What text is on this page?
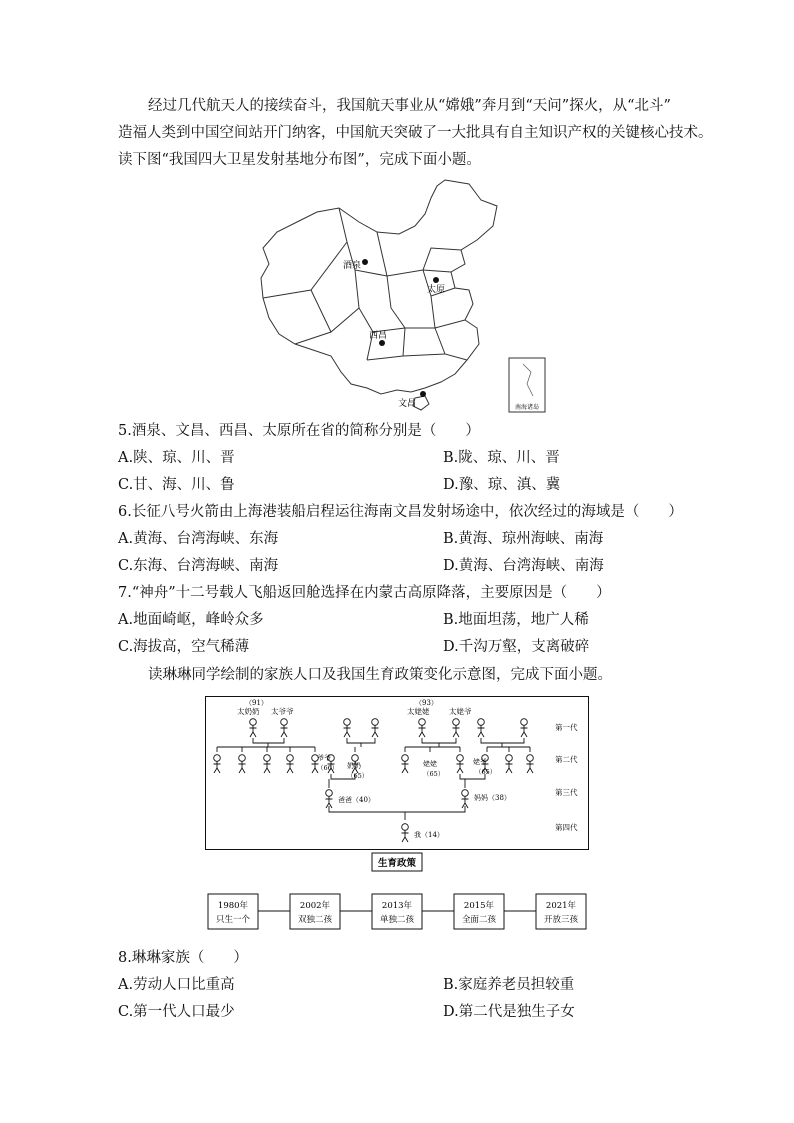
经过几代航天人的接续奋斗，我国航天事业从“嫦娥”奔月到“天问”探火，从“北斗”
造福人类到中国空间站开门纳客，中国航天突破了一大批具有自主知识产权的关键核心技术。
读下图“我国四大卫星发射基地分布图”，完成下面小题。
南海诸岛
酒泉
太原
西昌
文昌
5.酒泉、文昌、西昌、太原所在省的简称分别是（　　）
A.陕、琼、川、晋	B.陇、琼、川、晋
C.甘、海、川、鲁	D.豫、琼、滇、冀
6.长征八号火箭由上海港装船启程运往海南文昌发射场途中，依次经过的海域是（　　）
A.黄海、台湾海峡、东海	B.黄海、琼州海峡、南海
C.东海、台湾海峡、南海	D.黄海、台湾海峡、南海
7.“神舟”十二号载人飞船返回舱选择在内蒙古高原降落，主要原因是（　　）
A.地面崎岖，峰岭众多	B.地面坦荡，地广人稀
C.海拔高，空气稀薄	D.千沟万壑，支离破碎
读琳琳同学绘制的家族人口及我国生育政策变化示意图，完成下面小题。
第一代
第二代
第三代
第四代
（91）
太奶奶 太爷爷
（93）
太姥姥	太姥爷
爷爷
（66） 奶奶
（65）
姥姥
（65）
姥爷
（65）
爸爸（40）	妈妈（38）
我（14）
生育政策
1980年
只生一个
2002年
双独二孩
2013年
单独二孩
2015年
全面二孩
2021年
开放三孩
8.琳琳家族（　　）
A.劳动人口比重高	B.家庭养老员担较重
C.第一代人口最少	D.第二代是独生子女
